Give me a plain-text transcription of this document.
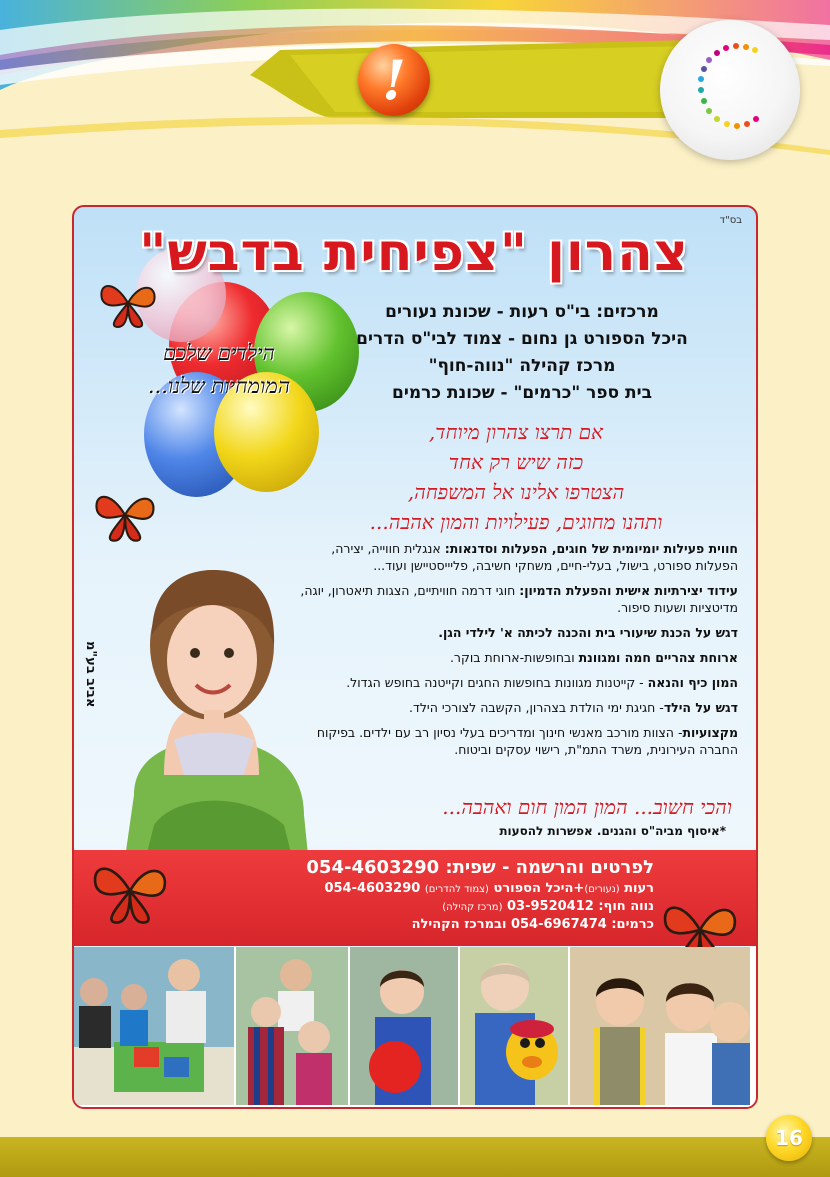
!
בס"ד
צהרון "צפיחית בדבש"
מרכזים: בי"ס רעות - שכונת נעורים
היכל הספורט גן נחום - צמוד לבי"ס הדרים
מרכז קהילה "נווה-חוף"
בית ספר "כרמים" - שכונת כרמים
הילדים שלכם
המומחיות שלנו...
אם תרצו צהרון מיוחד,
כזה שיש רק אחד
הצטרפו אלינו אל המשפחה,
ותהנו מחוגים, פעילויות והמון אהבה...
אביב בע"מ

חווית פעילות יומיומית של חוגים, הפעלות וסדנאות: אנגלית חווייה, יצירה, הפעלות ספורט, בישול, בעלי-חיים, משחקי חשיבה, פליייסטיישן ועוד...

עידוד יצירתיות אישית והפעלת הדמיון: חוגי דרמה חוויתיים, הצגות תיאטרון, יוגה, מדיטציות ושעות סיפור.

דגש על הכנת שיעורי בית והכנה לכיתה א' לילדי הגן.

ארוחת צהריים חמה ומגוונת ובחופשות-ארוחת בוקר.

המון כיף והנאה - קייטנות מגוונות בחופשות החגים וקייטנה בחופש הגדול.

דגש על הילד- חגיגת ימי הולדת בצהרון, הקשבה לצורכי הילד.

מקצועיות- הצוות מורכב מאנשי חינוך ומדריכים בעלי נסיון רב עם ילדים. בפיקוח החברה העירונית, משרד התמ"ת, רישוי עסקים וביטוח.

והכי חשוב... המון המון חום ואהבה...
*איסוף מביה"ס והגנים. אפשרות להסעות
לפרטים והרשמה - שפית: 054-4603290
רעות (נעורים)+היכל הספורט (צמוד להדרים) 054-4603290
נווה חוף: 03-9520412 (מרכז קהילה)
כרמים: 054-6967474 ובמרכז הקהילה
16
